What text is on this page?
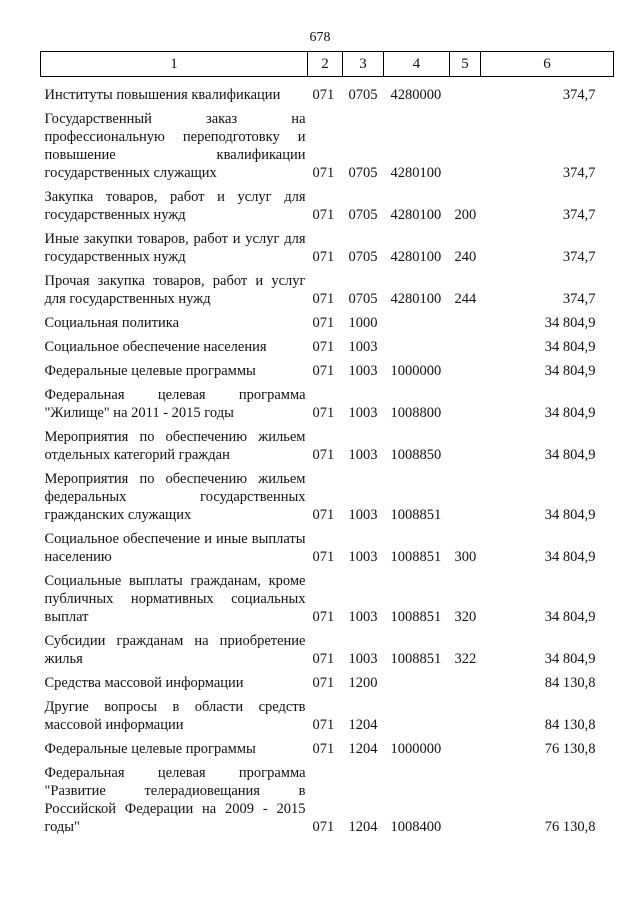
678
1	2	3	4	5	6
Институты повышения квалификации	071	0705	4280000		374,7
Государственный заказ на профессиональную переподготовку и повышение квалификации государственных служащих	071	0705	4280100		374,7
Закупка товаров, работ и услуг для государственных нужд	071	0705	4280100	200	374,7
Иные закупки товаров, работ и услуг для государственных нужд	071	0705	4280100	240	374,7
Прочая закупка товаров, работ и услуг для государственных нужд	071	0705	4280100	244	374,7
Социальная политика	071	1000			34 804,9
Социальное обеспечение населения	071	1003			34 804,9
Федеральные целевые программы	071	1003	1000000		34 804,9
Федеральная целевая программа "Жилище" на 2011 - 2015 годы	071	1003	1008800		34 804,9
Мероприятия по обеспечению жильем отдельных категорий граждан	071	1003	1008850		34 804,9
Мероприятия по обеспечению жильем федеральных государственных гражданских служащих	071	1003	1008851		34 804,9
Социальное обеспечение и иные выплаты населению	071	1003	1008851	300	34 804,9
Социальные выплаты гражданам, кроме публичных нормативных социальных выплат	071	1003	1008851	320	34 804,9
Субсидии гражданам на приобретение жилья	071	1003	1008851	322	34 804,9
Средства массовой информации	071	1200			84 130,8
Другие вопросы в области средств массовой информации	071	1204			84 130,8
Федеральные целевые программы	071	1204	1000000		76 130,8
Федеральная целевая программа "Развитие телерадиовещания в Российской Федерации на 2009 - 2015 годы"	071	1204	1008400		76 130,8
